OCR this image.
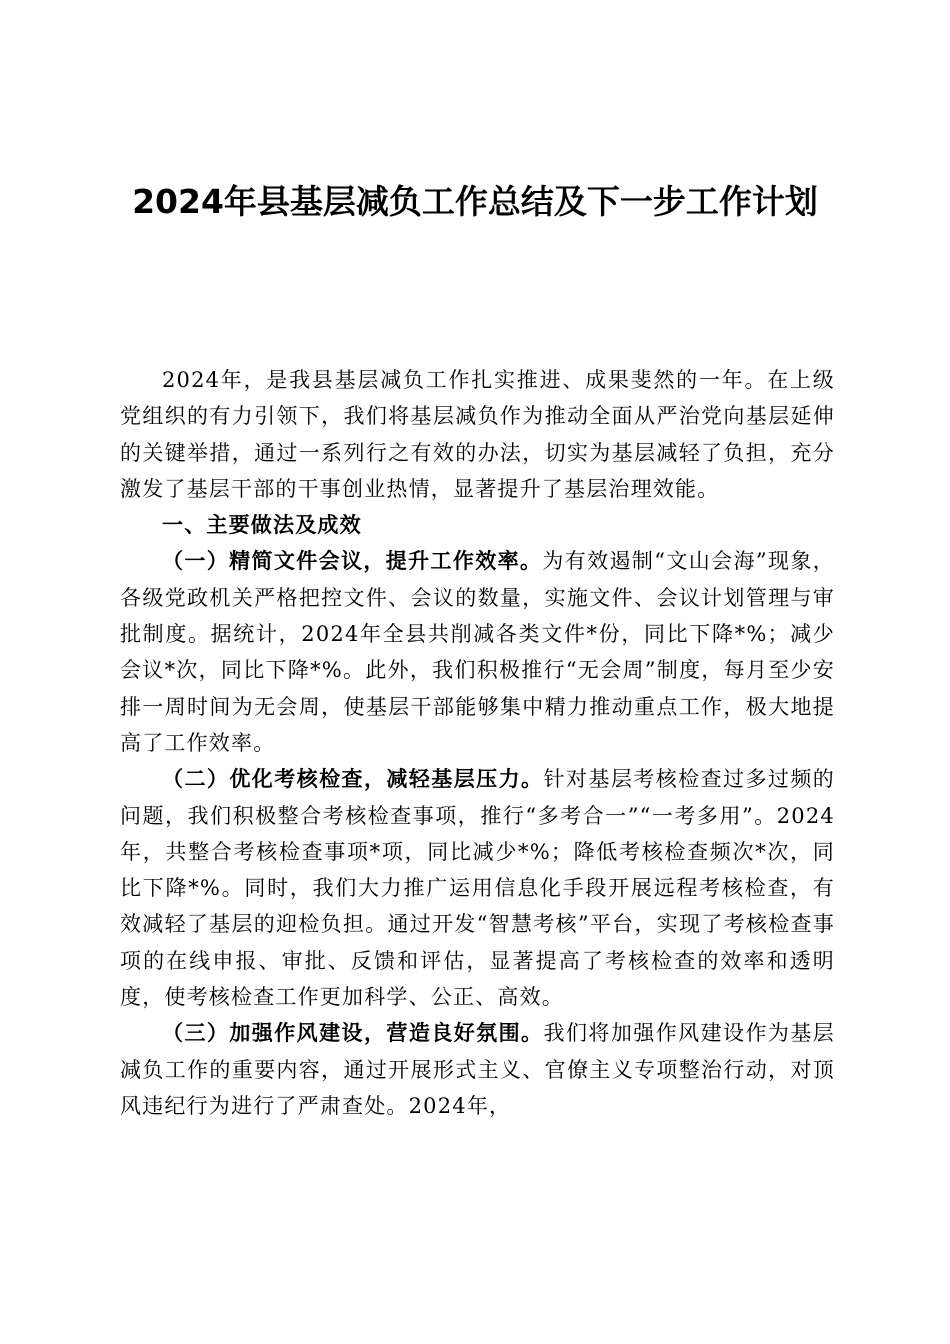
2024年县基层减负工作总结及下一步工作计划

2024年，是我县基层减负工作扎实推进、成果斐然的一年。在上级党组织的有力引领下，我们将基层减负作为推动全面从严治党向基层延伸的关键举措，通过一系列行之有效的办法，切实为基层减轻了负担，充分激发了基层干部的干事创业热情，显著提升了基层治理效能。

一、主要做法及成效

（一）精简文件会议，提升工作效率。为有效遏制“文山会海”现象，各级党政机关严格把控文件、会议的数量，实施文件、会议计划管理与审批制度。据统计，2024年全县共削减各类文件*份，同比下降*%；减少会议*次，同比下降*%。此外，我们积极推行“无会周”制度，每月至少安排一周时间为无会周，使基层干部能够集中精力推动重点工作，极大地提高了工作效率。

（二）优化考核检查，减轻基层压力。针对基层考核检查过多过频的问题，我们积极整合考核检查事项，推行“多考合一”“一考多用”。2024年，共整合考核检查事项*项，同比减少*%；降低考核检查频次*次，同比下降*%。同时，我们大力推广运用信息化手段开展远程考核检查，有效减轻了基层的迎检负担。通过开发“智慧考核”平台，实现了考核检查事项的在线申报、审批、反馈和评估，显著提高了考核检查的效率和透明度，使考核检查工作更加科学、公正、高效。

（三）加强作风建设，营造良好氛围。我们将加强作风建设作为基层减负工作的重要内容，通过开展形式主义、官僚主义专项整治行动，对顶风违纪行为进行了严肃查处。2024年，
